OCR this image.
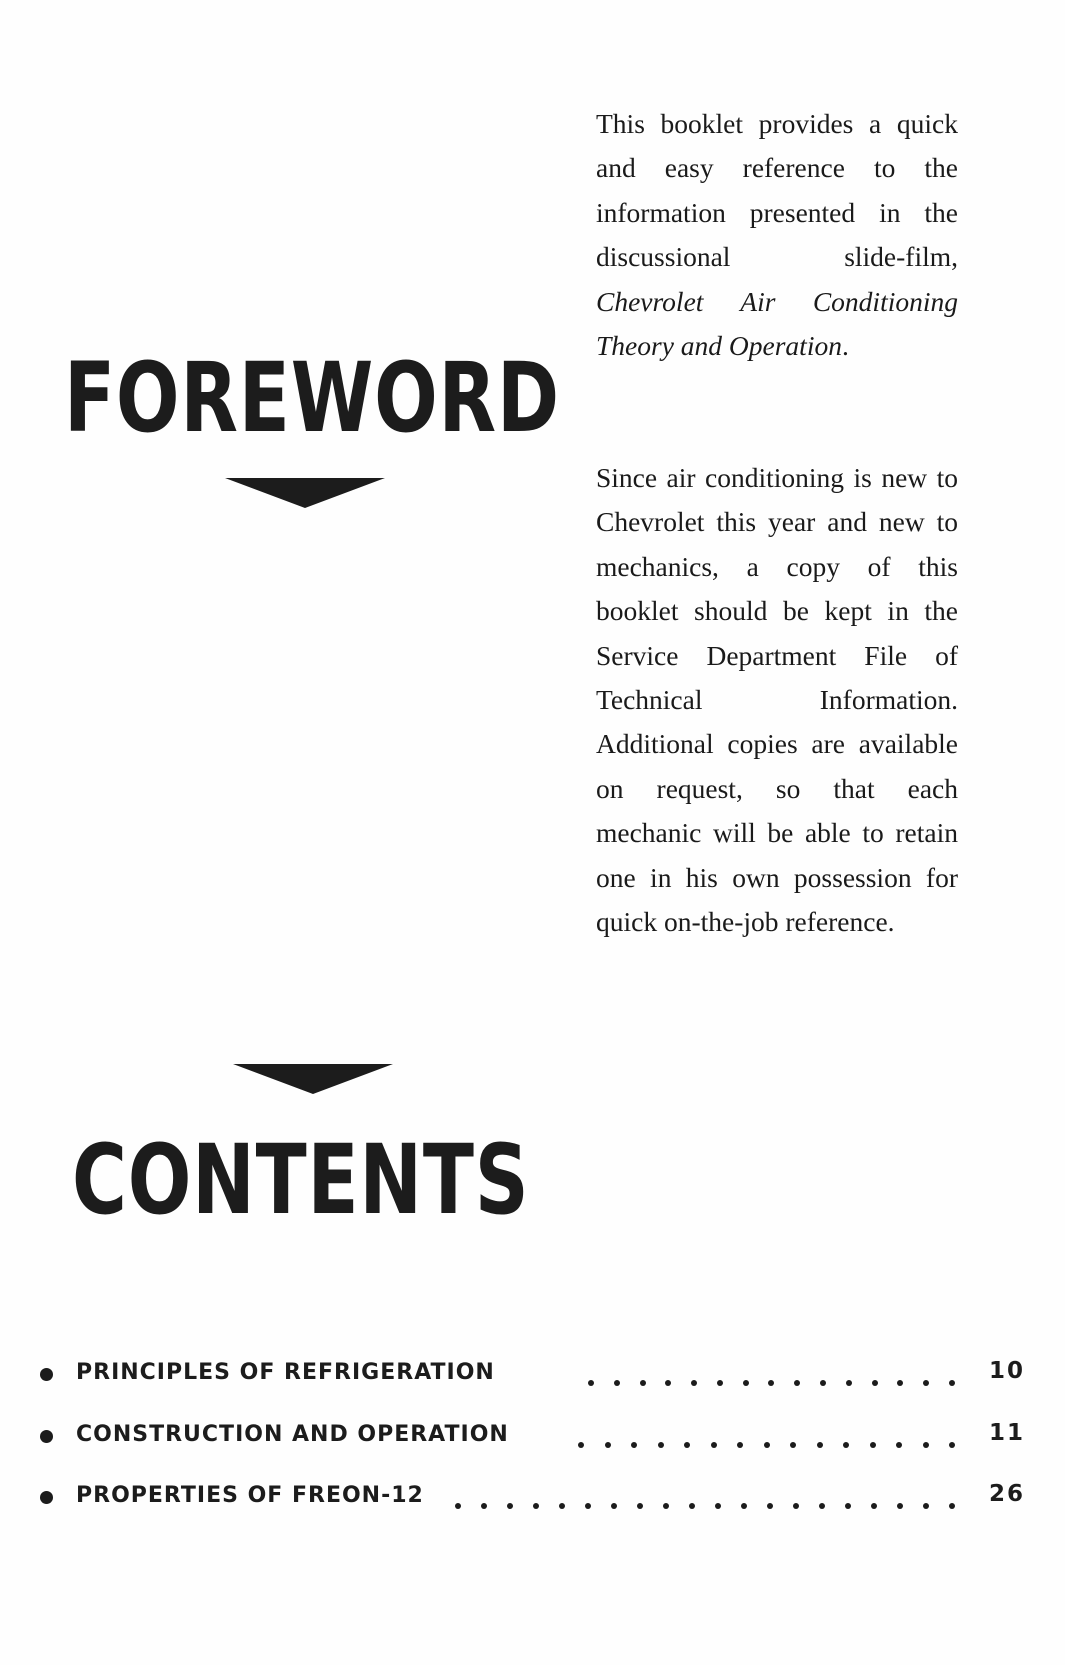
FOREWORD
This booklet provides a quick and easy reference to the information presented in the discussional slide-film, Chevrolet Air Conditioning Theory and Operation.
Since air conditioning is new to Chevrolet this year and new to mechanics, a copy of this booklet should be kept in the Service Department File of Technical Information. Additional copies are available on request, so that each mechanic will be able to retain one in his own possession for quick on-the-job reference.
CONTENTS
PRINCIPLES OF REFRIGERATION	10
CONSTRUCTION AND OPERATION	11
PROPERTIES OF FREON-12	26
